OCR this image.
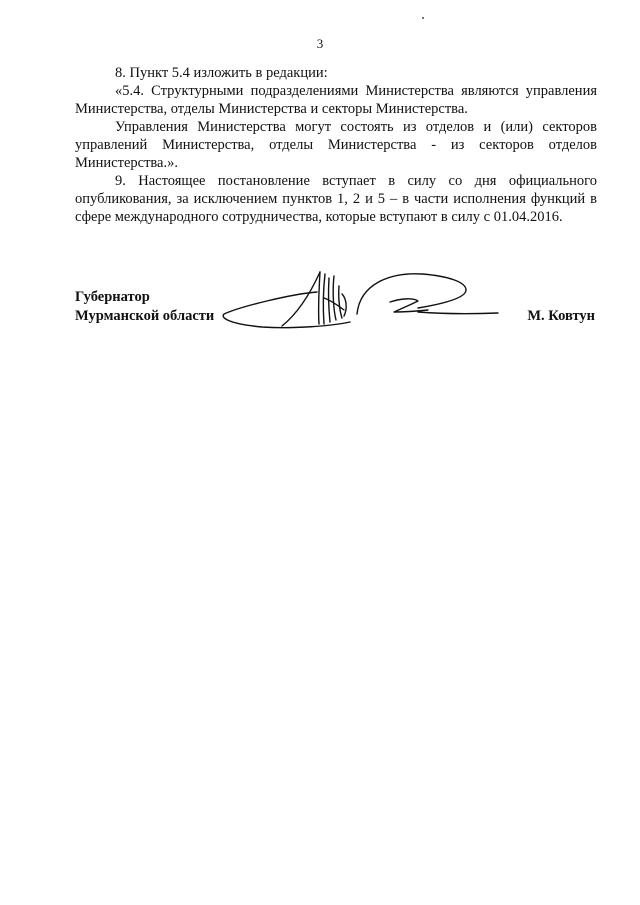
3

8. Пункт 5.4 изложить в редакции:

«5.4. Структурными подразделениями Министерства являются управления Министерства, отделы Министерства и секторы Министерства.

Управления Министерства могут состоять из отделов и (или) секторов управлений Министерства, отделы Министерства - из секторов отделов Министерства.».

9. Настоящее постановление вступает в силу со дня официального опубликования, за исключением пунктов 1, 2 и 5 – в части исполнения функций в сфере международного сотрудничества, которые вступают в силу с 01.04.2016.

Губернатор
Мурманской области	М. Ковтун
